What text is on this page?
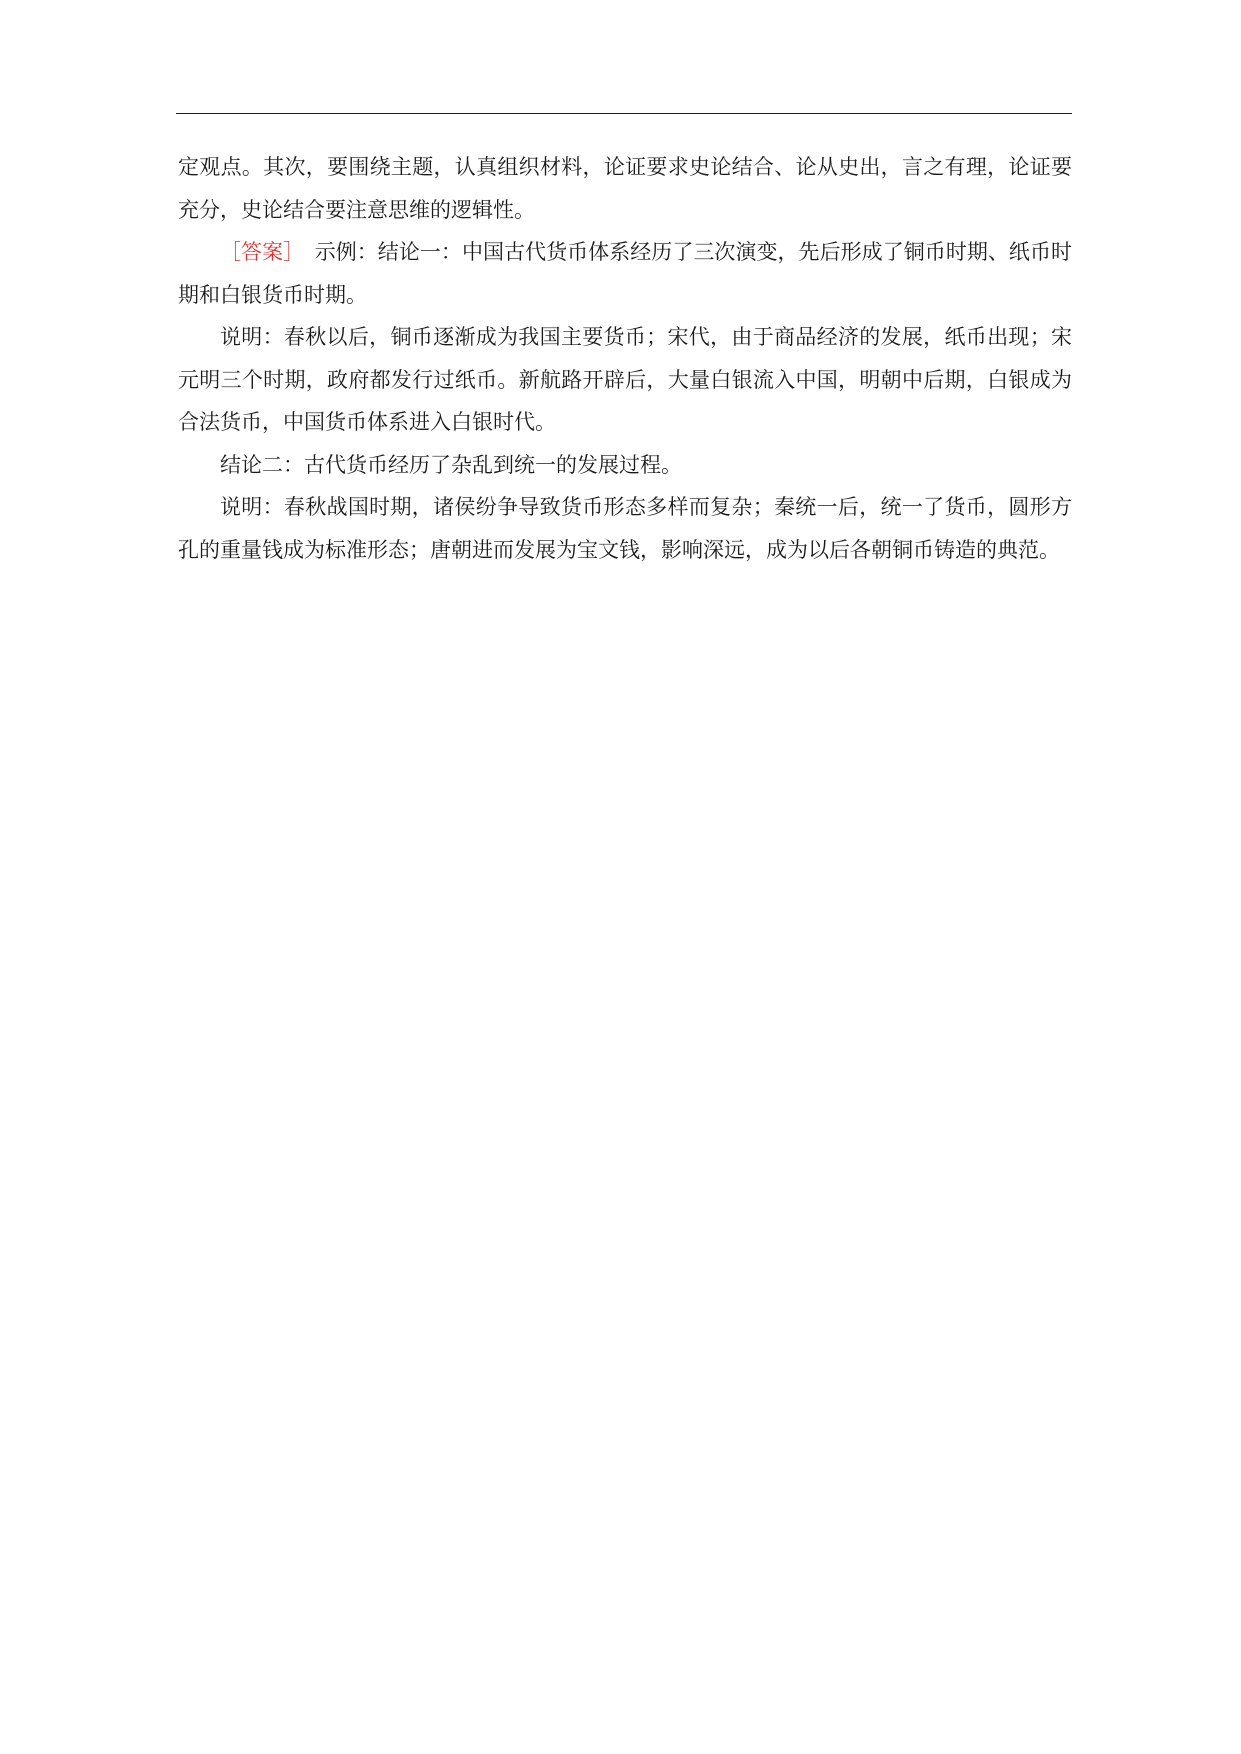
定观点。其次，要围绕主题，认真组织材料，论证要求史论结合、论从史出，言之有理，论证要充分，史论结合要注意思维的逻辑性。

［答案］　示例：结论一：中国古代货币体系经历了三次演变，先后形成了铜币时期、纸币时期和白银货币时期。

说明：春秋以后，铜币逐渐成为我国主要货币；宋代，由于商品经济的发展，纸币出现；宋元明三个时期，政府都发行过纸币。新航路开辟后，大量白银流入中国，明朝中后期，白银成为合法货币，中国货币体系进入白银时代。

结论二：古代货币经历了杂乱到统一的发展过程。

说明：春秋战国时期，诸侯纷争导致货币形态多样而复杂；秦统一后，统一了货币，圆形方孔的重量钱成为标准形态；唐朝进而发展为宝文钱，影响深远，成为以后各朝铜币铸造的典范。
